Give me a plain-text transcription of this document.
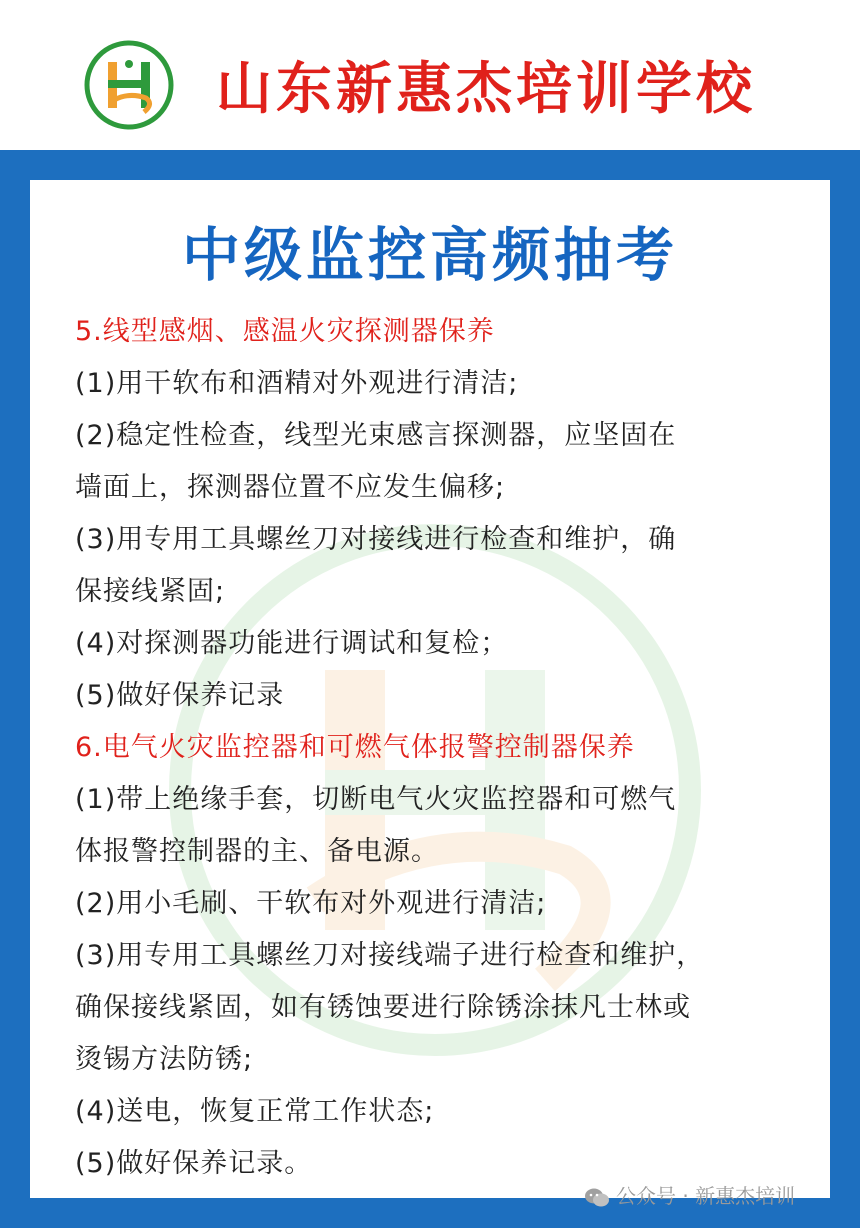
山东新惠杰培训学校
中级监控高频抽考
5.线型感烟、感温火灾探测器保养
(1)用干软布和酒精对外观进行清洁;
(2)稳定性检查，线型光束感言探测器，应坚固在
墙面上，探测器位置不应发生偏移;
(3)用专用工具螺丝刀对接线进行检查和维护，确
保接线紧固;
(4)对探测器功能进行调试和复检；
(5)做好保养记录
6.电气火灾监控器和可燃气体报警控制器保养
(1)带上绝缘手套，切断电气火灾监控器和可燃气
体报警控制器的主、备电源。
(2)用小毛刷、干软布对外观进行清洁;
(3)用专用工具螺丝刀对接线端子进行检查和维护，
确保接线紧固，如有锈蚀要进行除锈涂抹凡士林或
烫锡方法防锈;
(4)送电，恢复正常工作状态;
(5)做好保养记录。
公众号 · 新惠杰培训
